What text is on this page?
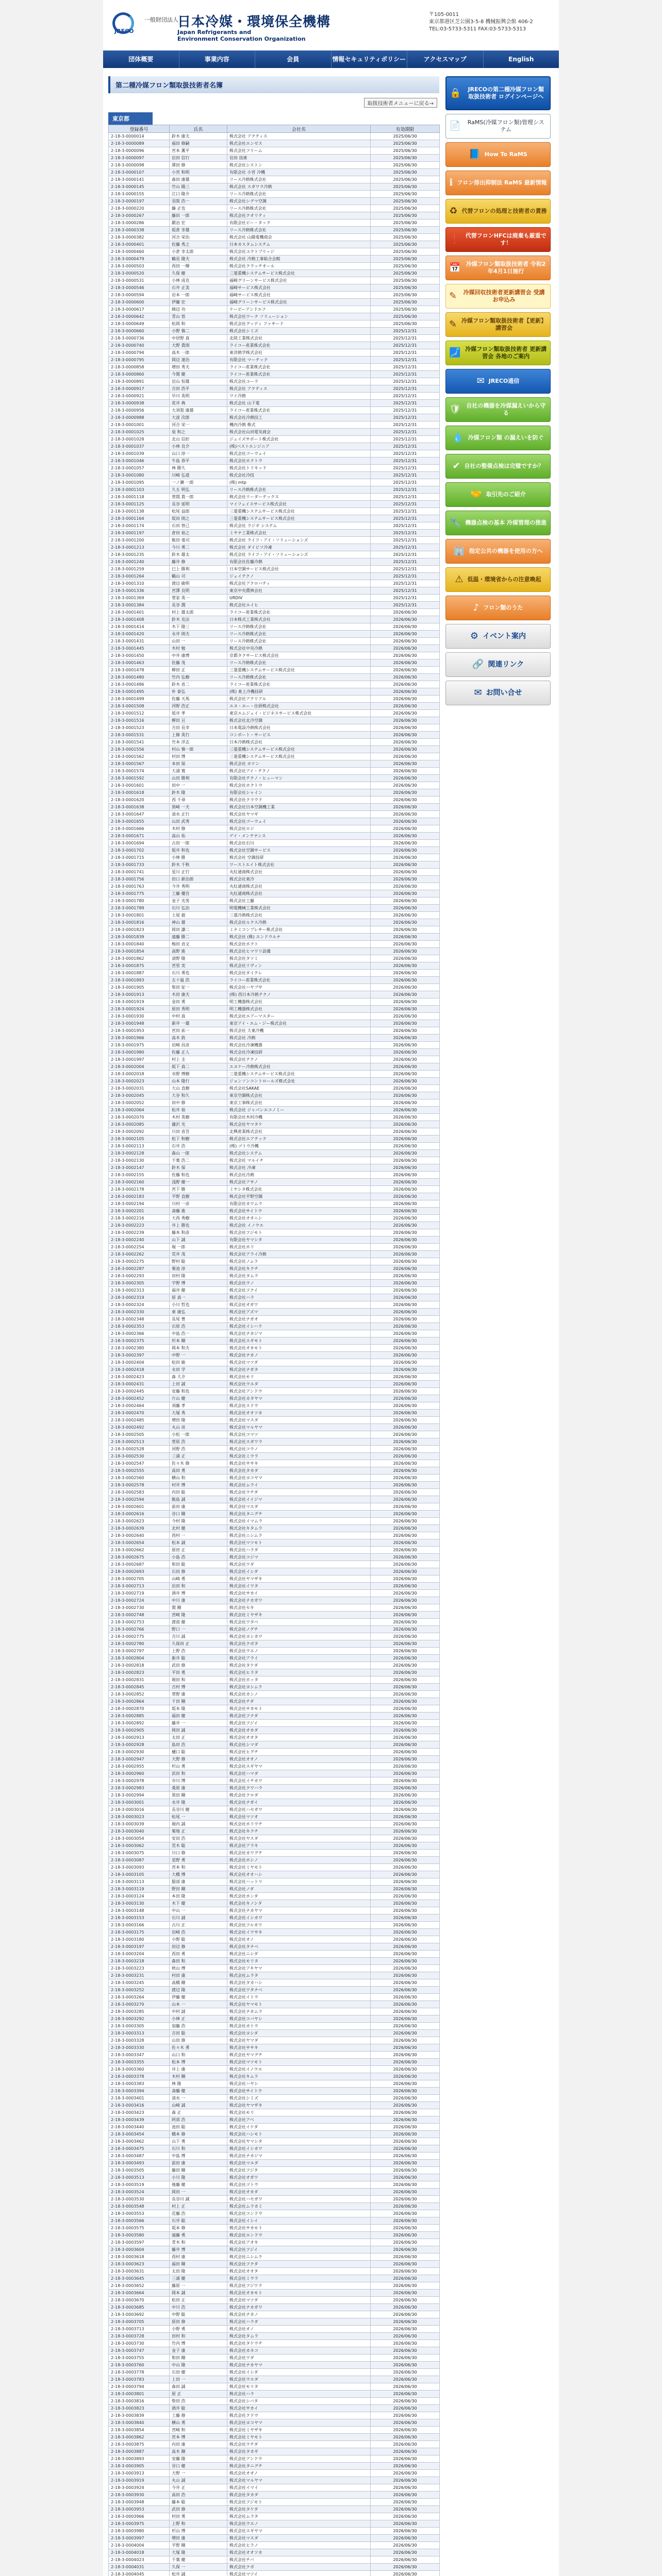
JRECO
一般財団法人
日本冷媒・環境保全機構
Japan Refrigerants and
Environment Conservation Organization
〒105-0011
東京都港区芝公園3-5-8 機械振興会館 406-2
TEL:03-5733-5311 FAX:03-5733-5313
団体概要	事業内容	会員	情報セキュリティポリシー	アクセスマップ	English
第二種冷媒フロン類取扱技術者名簿
取扱技術者メニューに戻る→
東京都
登録番号	氏名	会社名	有効期限
2-18-3-0000014	鈴木 康夫	株式会社 アクティス	2025/06/30
2-18-3-0000089	福田 修嗣	株式会社エンゼス	2025/06/30
2-18-3-0000096	宮本 薫平	株式会社フリーム	2025/06/30
2-18-3-0000097	岩田 信行	岩田 技術	2025/06/30
2-18-3-0000098	澤田 修	株式会社シストン	2025/06/30
2-18-3-0000107	小宮 和明	有限会社 小宮 冷機	2025/06/30
2-18-3-0000141	森田 康雄	リース冷熱株式会社	2025/06/30
2-18-3-0000145	竹山 陽三	株式会社 スガワラ冷熱	2025/06/30
2-18-3-0000155	江口 隆介	リース冷熱株式会社	2025/06/30
2-18-3-0000197	羽賀 浩一	株式会社シグマ空調	2025/06/30
2-18-3-0000220	藤 正也	リース冷熱株式会社	2025/06/30
2-18-3-0000267	藤田 一郎	株式会社クオリティ	2025/06/30
2-18-3-0000286	鍛冶 宏	有限会社ビー・タック	2025/06/30
2-18-3-0000338	坂倉 幸雄	リース冷熱株式会社	2025/06/30
2-18-3-0000382	河合 栄治	株式会社 山陽電機商会	2025/06/30
2-18-3-0000401	佐藤 秀之	日本カスタムシステム	2025/06/30
2-18-3-0000460	小倉 幸太郎	株式会社ユウトブリッジ	2025/06/30
2-18-3-0000479	鶴見 隆夫	株式会社 冷熱工事総合会館	2025/06/30
2-18-3-0000503	西田 一輝	株式会社クラッチオール	2025/06/30
2-18-3-0000520	久保 健	三菱重機システムサービス株式会社	2025/06/30
2-18-3-0000531	小林 成克	福崎グリーンサービス株式会社	2025/06/30
2-18-3-0000546	石井 正美	福崎サービス株式会社	2025/06/30
2-18-3-0000594	岩本 一郎	福崎サービス株式会社	2025/06/30
2-18-3-0000600	伊藤 宏	福崎グリーンサービス株式会社	2025/06/30
2-18-3-0000617	綿辺 功	ケーピーアンドエフ	2025/06/30
2-18-3-0000642	青山 悟	株式会社ワーク ソリューション	2025/06/30
2-18-3-0000649	松岡 和	株式会社グッディ ファサード	2025/06/30
2-18-3-0000660	小野 慎二	株式会社シミズ	2025/12/31
2-18-3-0000736	中居野 真	北陸工業株式会社	2025/12/31
2-18-3-0000740	大野 貴則	ライコー産業株式会社	2025/12/31
2-18-3-0000794	高木 一郎	東洋熱学株式会社	2025/12/31
2-18-3-0000795	岡辺 達治	有限会社 マーテック	2025/12/31
2-18-3-0000858	増田 秀夫	ライコー産業株式会社	2025/12/31
2-18-3-0000860	今関 健	ライコー産業株式会社	2025/12/31
2-18-3-0000891	岩山 恒雄	株式会社ユーラ	2025/12/31
2-18-3-0000917	吉田 浩平	株式会社 アクティス	2025/12/31
2-18-3-0000921	早川 英明	ワイ冷熱	2025/12/31
2-18-3-0000938	花井 典	株式会社 山下電	2025/12/31
2-18-3-0000956	大須賀 康雄	ライコー産業株式会社	2025/12/31
2-18-3-0000988	大波 次郎	株式会社冷熱技工	2025/12/31
2-18-3-0001001	河合 栄一	機内冷熱 株式	2025/12/31
2-18-3-0001025	泉 和之	株式会社山田電気商会	2025/12/31
2-18-3-0001028	北山 信好	ジェイズサポート株式会社	2025/12/31
2-18-3-0001037	小林 良介	(株)ベストエンジニア	2025/12/31
2-18-3-0001039	山口 淳一	株式会社ゴーウェイ	2025/12/31
2-18-3-0001046	牛島 恭平	株式会社ホクトウ	2025/12/31
2-18-3-0001057	林 勝久	株式会社トリキッド	2025/12/31
2-18-3-0001080	川崎 弘道	株式会社冷技	2025/12/31
2-18-3-0001095	一ノ瀬 一郎	(株) mtp	2025/12/31
2-18-3-0001103	久五 明弘	リース冷熱株式会社	2025/12/31
2-18-3-0001118	菅間 貴一郎	株式会社リーダーテックス	2025/12/31
2-18-3-0001125	長谷 延明	マイフェイスサービス株式会社	2025/12/31
2-18-3-0001138	松尾 益郎	三菱重機システムサービス株式会社	2025/12/31
2-18-3-0001164	坂田 則之	三菱重機システムサービス株式会社	2025/12/31
2-18-3-0001174	石田 智己	株式会社 ラジオ システム	2025/12/31
2-18-3-0001197	倉田 裕之	ミヤナ工業株式会社	2025/12/31
2-18-3-0001200	飯田 竜司	株式会社 ライフ・アイ・ソリューションズ	2025/12/31
2-18-3-0001213	今川 勇二	株式会社 ダイビツ冷凍	2025/12/31
2-18-3-0001235	鈴木 雄太	株式会社 ライフ・アイ・ソリューションズ	2025/12/31
2-18-3-0001240	藤井 修	有限会社佐藤冷熱	2025/12/31
2-18-3-0001259	巳上 勝利	日本空調サービス株式会社	2025/12/31
2-18-3-0001264	鶴山 司	ジェイテクノ	2025/12/31
2-18-3-0001310	渡辺 敏明	株式会社アクロバティ	2025/12/31
2-18-3-0001336	宮澤 良明	東京中央農林会社	2025/12/31
2-18-3-0001369	菅家 英一	URDIV	2025/12/31
2-18-3-0001384	長谷 潤	株式会社エイヒ	2025/12/31
2-18-3-0001401	村上 雄太郎	ライコー産業株式会社	2026/06/30
2-18-3-0001408	鈴木 克法	日本株式工業株式会社	2026/06/30
2-18-3-0001414	木下 隆三	リース冷熱株式会社	2026/06/30
2-18-3-0001420	永井 則夫	リース冷熱株式会社	2026/06/30
2-18-3-0001431	山田 一	リース冷熱株式会社	2026/06/30
2-18-3-0001445	木村 勉	株式会社中央冷熱	2026/06/30
2-18-3-0001450	中井 康博	京都タクサービス株式会社	2026/06/30
2-18-3-0001463	佐藤 茂	リース冷熱株式会社	2026/06/30
2-18-3-0001478	柳田 正	三菱重機システムサービス株式会社	2026/06/30
2-18-3-0001480	竹内 弘樹	リース冷熱株式会社	2026/06/30
2-18-3-0001486	鈴木 省二	ライコー産業株式会社	2026/06/30
2-18-3-0001495	朴 泰弘	(株) 東上冷機技研	2026/06/30
2-18-3-0001499	佐藤 天馬	株式会社アクリアル	2026/06/30
2-18-3-0001508	河野 浩正	エヌ・エー・住研株式会社	2026/06/30
2-18-3-0001512	坂井 孝	東京エムジェイ・ビジネスサービス株式会社	2026/06/30
2-18-3-0001516	柳田 亘	株式会社北冷空調	2026/06/30
2-18-3-0001523	吉田 長幸	日本電設冷熱株式会社	2026/06/30
2-18-3-0001531	上條 英行	コンポート・サービス	2026/06/30
2-18-3-0001541	竹本 洋志	日本冷熱株式会社	2026/06/30
2-18-3-0001556	村山 慎一郎	三菱重機システムサービス株式会社	2026/06/30
2-18-3-0001562	村田 博	三菱重機システムサービス株式会社	2026/06/30
2-18-3-0001567	本田 保	株式会社 ホケン	2026/06/30
2-18-3-0001574	大浦 寛	株式会社アイ・テクノ	2026/06/30
2-18-3-0001592	山田 勝利	有限会社テクノ・ヒューマン	2026/06/30
2-18-3-0001601	田中 一	株式会社ホクトウ	2026/06/30
2-18-3-0001618	鈴木 隆	有限会社シャイン	2026/06/30
2-18-3-0001620	西 千尋	株式会社クラウド	2026/06/30
2-18-3-0001638	黒崎 一夫	株式会社日本空調機工業	2026/06/30
2-18-3-0001647	清水 正行	株式会社ヤマギ	2026/06/30
2-18-3-0001655	山田 武秀	株式会社ゴーウェイ	2026/06/30
2-18-3-0001666	木村 修	株式会社ロジ	2026/06/30
2-18-3-0001671	高山 佑	ゲイ・メンテナンス	2026/06/30
2-18-3-0001694	古田 一郎	株式会社石川	2026/06/30
2-18-3-0001702	坂井 和也	株式会社空調サービス	2026/06/30
2-18-3-0001715	小林 勝	株式会社 空調技研	2026/06/30
2-18-3-0001733	鈴木 千秋	ワーストエイト株式会社	2026/06/30
2-18-3-0001741	星川 正行	丸紅通商株式会社	2026/06/30
2-18-3-0001756	田口 新治郎	株式会社東冷	2026/06/30
2-18-3-0001763	今井 秀明	丸紅通商株式会社	2026/06/30
2-18-3-0001775	工藤 優吾	丸紅通商株式会社	2026/06/30
2-18-3-0001780	金子 光男	株式会社工藤	2026/06/30
2-18-3-0001789	石川 弘治	明電機械工業株式会社	2026/06/30
2-18-3-0001801	土屋 毅	三菱冷熱株式会社	2026/06/30
2-18-3-0001816	神山 雄	株式会社ルクス冷熱	2026/06/30
2-18-3-0001823	岡田 謙二	ミナミコンプレサー株式会社	2026/06/30
2-18-3-0001839	遠藤 勝二	株式会社 (株) エンドウルナ	2026/06/30
2-18-3-0001840	梅田 貞文	株式会社ホクト	2026/06/30
2-18-3-0001854	高野 進	株式会社ヒマワリ設備	2026/06/30
2-18-3-0001862	清野 隆	株式会社タツミ	2026/06/30
2-18-3-0001875	宮里 実	株式会社リヴィン	2026/06/30
2-18-3-0001887	石川 勇也	株式会社ダイクレ	2026/06/30
2-18-3-0001893	五十嵐 浩	ライコー産業株式会社	2026/06/30
2-18-3-0001905	柴田 征一	株式会社ハヤブサ	2026/06/30
2-18-3-0001913	木田 康夫	(株) 西日本冷熱テクノ	2026/06/30
2-18-3-0001919	金田 勇	明工機器株式会社	2026/06/30
2-18-3-0001924	原田 秀明	明工機器株式会社	2026/06/30
2-18-3-0001930	中村 真	株式会社エアーマスター	2026/06/30
2-18-3-0001948	新井 一雄	東京アイ・エム・ジー株式会社	2026/06/30
2-18-3-0001953	宮田 祐一	株式会社 大東冷機	2026/06/30
2-18-3-0001966	高木 敦	株式会社 冷熱	2026/06/30
2-18-3-0001975	岩崎 昌彦	株式会社冷凍機器	2026/06/30
2-18-3-0001980	佐藤 正人	株式会社冷凍技研	2026/06/30
2-18-3-0001997	村上 圭	株式会社テクノ	2026/06/30
2-18-3-0002004	坂下 真二	エヌケー冷熱株式会社	2026/06/30
2-18-3-0002018	水野 博樹	三菱重機システムサービス株式会社	2026/06/30
2-18-3-0002023	山本 隆行	ジョンソンコントロールズ株式会社	2026/06/30
2-18-3-0002031	大山 直樹	株式会社SAKAE	2026/06/30
2-18-3-0002045	大谷 和久	東京空調株式会社	2026/06/30
2-18-3-0002052	田中 修	東京工事株式会社	2026/06/30
2-18-3-0002064	松井 裕	株式会社 ジャパンエコノミー	2026/06/30
2-18-3-0002070	木村 英樹	有限会社木村冷機	2026/06/30
2-18-3-0002085	瀧沢 光	株式会社ヤマタケ	2026/06/30
2-18-3-0002092	川田 省吾	北興産業株式会社	2026/06/30
2-18-3-0002105	松下 和樹	株式会社エアテック	2026/06/30
2-18-3-0002113	石井 浩	(株) ゴトウ冷機	2026/06/30
2-18-3-0002128	森山 一郎	株式会社システム	2026/06/30
2-18-3-0002130	千葉 浩二	株式会社 マルイチ	2026/06/30
2-18-3-0002147	鈴木 保	株式会社 冷凍	2026/06/30
2-18-3-0002155	佐藤 和也	株式会社冷熱	2026/06/30
2-18-3-0002160	浅野 健一	株式会社アサノ	2026/06/30
2-18-3-0002178	宮下 勝	ミヤシタ株式会社	2026/06/30
2-18-3-0002183	平野 直樹	株式会社平野空調	2026/06/30
2-18-3-0002194	川村 一彦	有限会社カワムラ	2026/06/30
2-18-3-0002201	斎藤 進	株式会社サイトウ	2026/06/30
2-18-3-0002216	大西 秀樹	株式会社オオニシ	2026/06/30
2-18-3-0002223	井上 勝也	株式会社 イノウエ	2026/06/30
2-18-3-0002239	藤本 和彦	株式会社フジモト	2026/06/30
2-18-3-0002240	山下 誠	有限会社ヤマシタ	2026/06/30
2-18-3-0002254	堀 一郎	株式会社ホリ	2026/06/30
2-18-3-0002262	荒井 茂	株式会社アライ冷熱	2026/06/30
2-18-3-0002275	野村 聡	株式会社ノムラ	2026/06/30
2-18-3-0002287	菊池 淳	株式会社キクチ	2026/06/30
2-18-3-0002293	田村 隆	株式会社タムラ	2026/06/30
2-18-3-0002305	宇野 博	株式会社ウノ	2026/06/30
2-18-3-0002313	福井 健	株式会社フクイ	2026/06/30
2-18-3-0002319	原 真一	株式会社ハラ	2026/06/30
2-18-3-0002324	小川 哲也	株式会社オガワ	2026/06/30
2-18-3-0002330	東 康弘	株式会社アズマ	2026/06/30
2-18-3-0002348	長尾 豊	株式会社ナガオ	2026/06/30
2-18-3-0002353	石原 浩	株式会社イシハラ	2026/06/30
2-18-3-0002366	中島 浩一	株式会社ナカジマ	2026/06/30
2-18-3-0002375	杉本 剛	株式会社スギモト	2026/06/30
2-18-3-0002380	岡本 和夫	株式会社オカモト	2026/06/30
2-18-3-0002397	中野 一	株式会社ナカノ	2026/06/30
2-18-3-0002404	松田 敏	株式会社マツダ	2026/06/30
2-18-3-0002418	永田 学	株式会社ナガタ	2026/06/30
2-18-3-0002423	森 大介	株式会社モリ	2026/06/30
2-18-3-0002431	上田 誠	株式会社ウエダ	2026/06/30
2-18-3-0002445	安藤 和也	株式会社アンドウ	2026/06/30
2-18-3-0002452	片山 健	株式会社カタヤマ	2026/06/30
2-18-3-0002464	須藤 孝	株式会社スドウ	2026/06/30
2-18-3-0002470	大塚 秀	株式会社オオツカ	2026/06/30
2-18-3-0002485	増田 隆	株式会社マスダ	2026/06/30
2-18-3-0002492	丸山 亮	株式会社マルヤマ	2026/06/30
2-18-3-0002505	小松 一郎	株式会社コマツ	2026/06/30
2-18-3-0002513	菅原 浩	株式会社スガワラ	2026/06/30
2-18-3-0002528	河野 浩	株式会社コウノ	2026/06/30
2-18-3-0002530	三浦 正	株式会社ミウラ	2026/06/30
2-18-3-0002547	佐々木 修	株式会社ササキ	2026/06/30
2-18-3-0002555	高田 勇	株式会社タカダ	2026/06/30
2-18-3-0002560	横山 和	株式会社ヨコヤマ	2026/06/30
2-18-3-0002578	村井 博	株式会社ムライ	2026/06/30
2-18-3-0002583	内田 聡	株式会社ウチダ	2026/06/30
2-18-3-0002594	飯島 誠	株式会社イイジマ	2026/06/30
2-18-3-0002601	前田 康	株式会社マエダ	2026/06/30
2-18-3-0002616	谷口 剛	株式会社タニグチ	2026/06/30
2-18-3-0002623	今村 隆	株式会社イマムラ	2026/06/30
2-18-3-0002639	北村 健	株式会社キタムラ	2026/06/30
2-18-3-0002640	西村 一	株式会社ニシムラ	2026/06/30
2-18-3-0002654	松本 誠	株式会社マツモト	2026/06/30
2-18-3-0002662	原田 正	株式会社ハラダ	2026/06/30
2-18-3-0002675	小島 浩	株式会社コジマ	2026/06/30
2-18-3-0002687	和田 聡	株式会社ワダ	2026/06/30
2-18-3-0002693	石田 修	株式会社イシダ	2026/06/30
2-18-3-0002705	山崎 勇	株式会社ヤマザキ	2026/06/30
2-18-3-0002713	岩田 和	株式会社イワタ	2026/06/30
2-18-3-0002719	酒井 博	株式会社サカイ	2026/06/30
2-18-3-0002724	中川 康	株式会社ナカガワ	2026/06/30
2-18-3-0002730	関 剛	株式会社セキ	2026/06/30
2-18-3-0002748	宮崎 隆	株式会社ミヤザキ	2026/06/30
2-18-3-0002753	渡部 健	株式会社ワタベ	2026/06/30
2-18-3-0002766	野口 一	株式会社ノグチ	2026/06/30
2-18-3-0002775	吉川 誠	株式会社ヨシカワ	2026/06/30
2-18-3-0002780	久保田 正	株式会社クボタ	2026/06/30
2-18-3-0002797	上野 浩	株式会社ウエノ	2026/06/30
2-18-3-0002804	新井 聡	株式会社アライ	2026/06/30
2-18-3-0002818	武田 修	株式会社タケダ	2026/06/30
2-18-3-0002823	平田 勇	株式会社ヒラタ	2026/06/30
2-18-3-0002831	堀田 和	株式会社ホッタ	2026/06/30
2-18-3-0002845	吉村 博	株式会社ヨシムラ	2026/06/30
2-18-3-0002852	菅野 康	株式会社カンノ	2026/06/30
2-18-3-0002864	千田 剛	株式会社チダ	2026/06/30
2-18-3-0002870	坂本 隆	株式会社サカモト	2026/06/30
2-18-3-0002885	福田 健	株式会社フクダ	2026/06/30
2-18-3-0002892	藤井 一	株式会社フジイ	2026/06/30
2-18-3-0002905	岡田 誠	株式会社オカダ	2026/06/30
2-18-3-0002913	太田 正	株式会社オオタ	2026/06/30
2-18-3-0002928	島田 浩	株式会社シマダ	2026/06/30
2-18-3-0002930	樋口 聡	株式会社ヒグチ	2026/06/30
2-18-3-0002947	大野 修	株式会社オオノ	2026/06/30
2-18-3-0002955	杉山 勇	株式会社スギヤマ	2026/06/30
2-18-3-0002960	浜田 和	株式会社ハマダ	2026/06/30
2-18-3-0002978	市川 博	株式会社イチカワ	2026/06/30
2-18-3-0002983	桑原 康	株式会社クワハラ	2026/06/30
2-18-3-0002994	黒田 剛	株式会社クロダ	2026/06/30
2-18-3-0003001	永井 隆	株式会社ナガイ	2026/06/30
2-18-3-0003016	長谷川 健	株式会社ハセガワ	2026/06/30
2-18-3-0003023	松尾 一	株式会社マツオ	2026/06/30
2-18-3-0003039	堀内 誠	株式会社ホリウチ	2026/06/30
2-18-3-0003040	菊地 正	株式会社キクチ	2026/06/30
2-18-3-0003054	安田 浩	株式会社ヤスダ	2026/06/30
2-18-3-0003062	荒木 聡	株式会社アラキ	2026/06/30
2-18-3-0003075	川口 修	株式会社カワグチ	2026/06/30
2-18-3-0003087	星野 勇	株式会社ホシノ	2026/06/30
2-18-3-0003093	宮本 和	株式会社ミヤモト	2026/06/30
2-18-3-0003105	大橋 博	株式会社オオハシ	2026/06/30
2-18-3-0003113	服部 康	株式会社ハットリ	2026/06/30
2-18-3-0003119	野田 剛	株式会社ノダ	2026/06/30
2-18-3-0003124	本田 隆	株式会社ホンダ	2026/06/30
2-18-3-0003130	木下 健	株式会社キノシタ	2026/06/30
2-18-3-0003148	中山 一	株式会社ナカヤマ	2026/06/30
2-18-3-0003153	石川 誠	株式会社イシカワ	2026/06/30
2-18-3-0003166	古川 正	株式会社フルカワ	2026/06/30
2-18-3-0003175	岩崎 浩	株式会社イワサキ	2026/06/30
2-18-3-0003180	小野 聡	株式会社オノ	2026/06/30
2-18-3-0003197	田辺 修	株式会社タナベ	2026/06/30
2-18-3-0003204	西田 勇	株式会社ニシダ	2026/06/30
2-18-3-0003218	森田 和	株式会社モリタ	2026/06/30
2-18-3-0003223	秋山 博	株式会社アキヤマ	2026/06/30
2-18-3-0003231	村田 康	株式会社ムラタ	2026/06/30
2-18-3-0003245	高橋 剛	株式会社タカハシ	2026/06/30
2-18-3-0003252	渡辺 隆	株式会社ワタナベ	2026/06/30
2-18-3-0003264	伊藤 健	株式会社イトウ	2026/06/30
2-18-3-0003270	山本 一	株式会社ヤマモト	2026/06/30
2-18-3-0003285	中村 誠	株式会社ナカムラ	2026/06/30
2-18-3-0003292	小林 正	株式会社コバヤシ	2026/06/30
2-18-3-0003305	加藤 浩	株式会社カトウ	2026/06/30
2-18-3-0003313	吉田 聡	株式会社ヨシダ	2026/06/30
2-18-3-0003328	山田 修	株式会社ヤマダ	2026/06/30
2-18-3-0003330	佐々木 勇	株式会社ササキ	2026/06/30
2-18-3-0003347	山口 和	株式会社ヤマグチ	2026/06/30
2-18-3-0003355	松本 博	株式会社マツモト	2026/06/30
2-18-3-0003360	井上 康	株式会社イノウエ	2026/06/30
2-18-3-0003378	木村 剛	株式会社キムラ	2026/06/30
2-18-3-0003383	林 隆	株式会社ハヤシ	2026/06/30
2-18-3-0003394	斎藤 健	株式会社サイトウ	2026/06/30
2-18-3-0003401	清水 一	株式会社シミズ	2026/06/30
2-18-3-0003416	山崎 誠	株式会社ヤマザキ	2026/06/30
2-18-3-0003423	森 正	株式会社モリ	2026/06/30
2-18-3-0003439	阿部 浩	株式会社アベ	2026/06/30
2-18-3-0003440	池田 聡	株式会社イケダ	2026/06/30
2-18-3-0003454	橋本 修	株式会社ハシモト	2026/06/30
2-18-3-0003462	山下 勇	株式会社ヤマシタ	2026/06/30
2-18-3-0003475	石川 和	株式会社イシカワ	2026/06/30
2-18-3-0003487	中島 博	株式会社ナカジマ	2026/06/30
2-18-3-0003493	前田 康	株式会社マエダ	2026/06/30
2-18-3-0003505	藤田 剛	株式会社フジタ	2026/06/30
2-18-3-0003513	小川 隆	株式会社オガワ	2026/06/30
2-18-3-0003519	後藤 健	株式会社ゴトウ	2026/06/30
2-18-3-0003524	岡田 一	株式会社オカダ	2026/06/30
2-18-3-0003530	長谷川 誠	株式会社ハセガワ	2026/06/30
2-18-3-0003548	村上 正	株式会社ムラカミ	2026/06/30
2-18-3-0003553	近藤 浩	株式会社コンドウ	2026/06/30
2-18-3-0003566	石井 聡	株式会社イシイ	2026/06/30
2-18-3-0003575	坂本 修	株式会社サカモト	2026/06/30
2-18-3-0003580	遠藤 勇	株式会社エンドウ	2026/06/30
2-18-3-0003597	青木 和	株式会社アオキ	2026/06/30
2-18-3-0003604	藤井 博	株式会社フジイ	2026/06/30
2-18-3-0003618	西村 康	株式会社ニシムラ	2026/06/30
2-18-3-0003623	福田 剛	株式会社フクダ	2026/06/30
2-18-3-0003631	太田 隆	株式会社オオタ	2026/06/30
2-18-3-0003645	三浦 健	株式会社ミウラ	2026/06/30
2-18-3-0003652	藤原 一	株式会社フジワラ	2026/06/30
2-18-3-0003664	岡本 誠	株式会社オカモト	2026/06/30
2-18-3-0003670	松田 正	株式会社マツダ	2026/06/30
2-18-3-0003685	中川 浩	株式会社ナカガワ	2026/06/30
2-18-3-0003692	中野 聡	株式会社ナカノ	2026/06/30
2-18-3-0003705	原田 修	株式会社ハラダ	2026/06/30
2-18-3-0003713	小野 勇	株式会社オノ	2026/06/30
2-18-3-0003728	田村 和	株式会社タムラ	2026/06/30
2-18-3-0003730	竹内 博	株式会社タケウチ	2026/06/30
2-18-3-0003747	金子 康	株式会社カネコ	2026/06/30
2-18-3-0003755	和田 剛	株式会社ワダ	2026/06/30
2-18-3-0003760	中山 隆	株式会社ナカヤマ	2026/06/30
2-18-3-0003778	石田 健	株式会社イシダ	2026/06/30
2-18-3-0003783	上田 一	株式会社ウエダ	2026/06/30
2-18-3-0003794	森田 誠	株式会社モリタ	2026/06/30
2-18-3-0003801	原 正	株式会社ハラ	2026/06/30
2-18-3-0003816	柴田 浩	株式会社シバタ	2026/06/30
2-18-3-0003823	酒井 聡	株式会社サカイ	2026/06/30
2-18-3-0003839	工藤 修	株式会社クドウ	2026/06/30
2-18-3-0003840	横山 勇	株式会社ヨコヤマ	2026/06/30
2-18-3-0003854	宮崎 和	株式会社ミヤザキ	2026/06/30
2-18-3-0003862	宮本 博	株式会社ミヤモト	2026/06/30
2-18-3-0003875	内田 康	株式会社ウチダ	2026/06/30
2-18-3-0003887	高木 剛	株式会社タカギ	2026/06/30
2-18-3-0003893	安藤 隆	株式会社アンドウ	2026/06/30
2-18-3-0003905	谷口 健	株式会社タニグチ	2026/06/30
2-18-3-0003913	大野 一	株式会社オオノ	2026/06/30
2-18-3-0003919	丸山 誠	株式会社マルヤマ	2026/06/30
2-18-3-0003924	今井 正	株式会社イマイ	2026/06/30
2-18-3-0003930	高田 浩	株式会社タカダ	2026/06/30
2-18-3-0003948	藤本 聡	株式会社フジモト	2026/06/30
2-18-3-0003953	武田 修	株式会社タケダ	2026/06/30
2-18-3-0003966	村田 勇	株式会社ムラタ	2026/06/30
2-18-3-0003975	上野 和	株式会社ウエノ	2026/06/30
2-18-3-0003980	杉山 博	株式会社スギヤマ	2026/06/30
2-18-3-0003997	増田 康	株式会社マスダ	2026/06/30
2-18-3-0004004	平野 剛	株式会社ヒラノ	2026/06/30
2-18-3-0004018	大塚 隆	株式会社オオツカ	2026/06/30
2-18-3-0004023	千葉 健	株式会社チバ	2026/06/30
2-18-3-0004031	久保 一	株式会社クボ	2026/06/30
2-18-3-0004045	松井 誠	株式会社マツイ	2026/06/30

🔒	JRECOの第二種冷媒フロン類取扱技術者 ログインページへ
📄	RaMS(冷媒フロン類)管理システム
📘 How To RaMS
ℹ フロン排出抑制法 RaMS 最新情報
♻ 代替フロンの処理と技術者の責務
❗ 代替フロンHFCは廃棄も厳重です！
📅 冷媒フロン類取扱技術者 令和2年4月1日施行
✎	冷媒回収技術者更新講習会 受講お申込み
✎ 冷媒フロン類取扱技術者【更新】講習会
🗾 冷媒フロン類取扱技術者 更新講習会 各地のご案内
✉ JRECO通信
🛡 自社の機器を冷媒漏えいから守る
💧 冷媒フロン類 の漏えいを防ぐ
✔ 自社の整備点検は完璧ですか？
🤝 取引先のご紹介
🔧 機器点検の基本 冷媒管理の推進
🏢 指定公共の機器を使用の方へ
⚠ 低温・環境省からの注意喚起
♪ フロン類のうた
⚙ イベント案内
🔗 関連リンク
✉ お問い合せ
